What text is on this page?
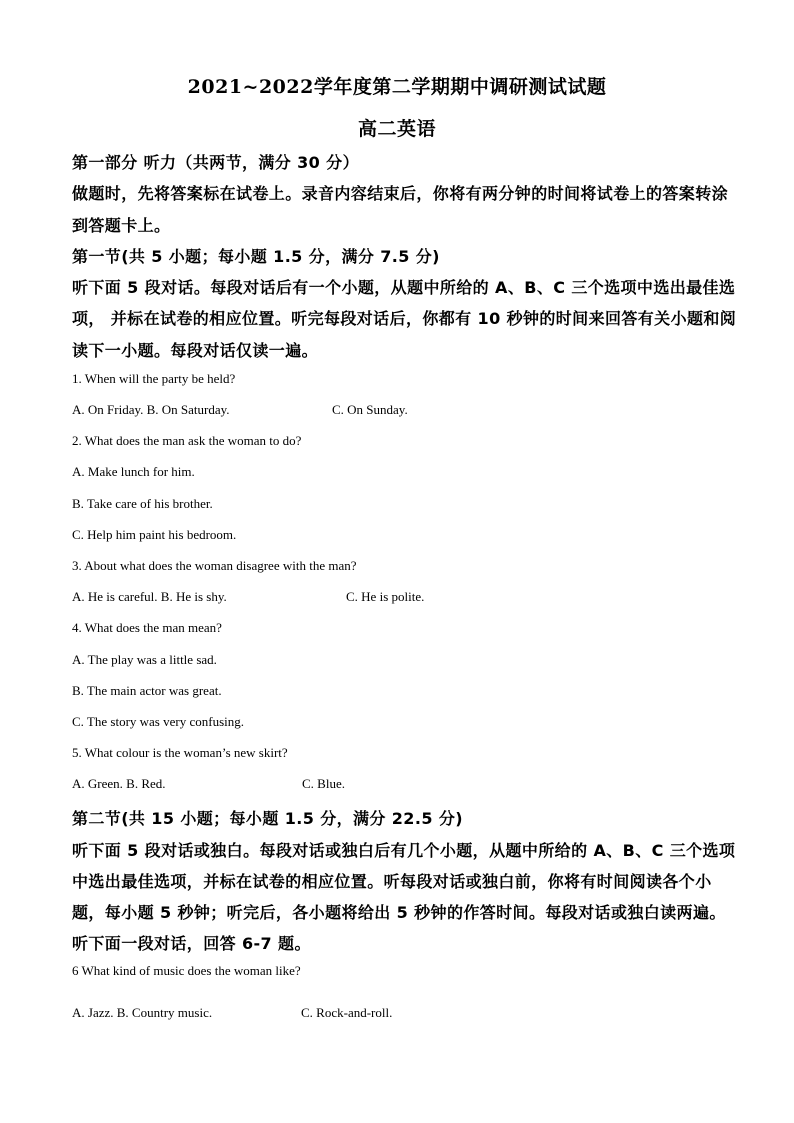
2021~2022学年度第二学期期中调研测试试题
高二英语
第一部分 听力（共两节，满分 30 分）
做题时，先将答案标在试卷上。录音内容结束后，你将有两分钟的时间将试卷上的答案转涂
到答题卡上。
第一节(共 5 小题；每小题 1.5 分，满分 7.5 分)
听下面 5 段对话。每段对话后有一个小题，从题中所给的 A、B、C 三个选项中选出最佳选
项， 并标在试卷的相应位置。听完每段对话后，你都有 10 秒钟的时间来回答有关小题和阅
读下一小题。每段对话仅读一遍。
1. When will the party be held?
A. On Friday. B. On Saturday.	C. On Sunday.
2. What does the man ask the woman to do?
A. Make lunch for him.
B. Take care of his brother.
C. Help him paint his bedroom.
3. About what does the woman disagree with the man?
A. He is careful. B. He is shy.	C. He is polite.
4. What does the man mean?
A. The play was a little sad.
B. The main actor was great.
C. The story was very confusing.
5. What colour is the woman’s new skirt?
A. Green. B. Red.	C. Blue.
第二节(共 15 小题；每小题 1.5 分，满分 22.5 分)
听下面 5 段对话或独白。每段对话或独白后有几个小题，从题中所给的 A、B、C 三个选项
中选出最佳选项，并标在试卷的相应位置。听每段对话或独白前，你将有时间阅读各个小
题，每小题 5 秒钟；听完后，各小题将给出 5 秒钟的作答时间。每段对话或独白读两遍。
听下面一段对话，回答 6-7 题。
6 What kind of music does the woman like?
A. Jazz. B. Country music.	C. Rock-and-roll.
